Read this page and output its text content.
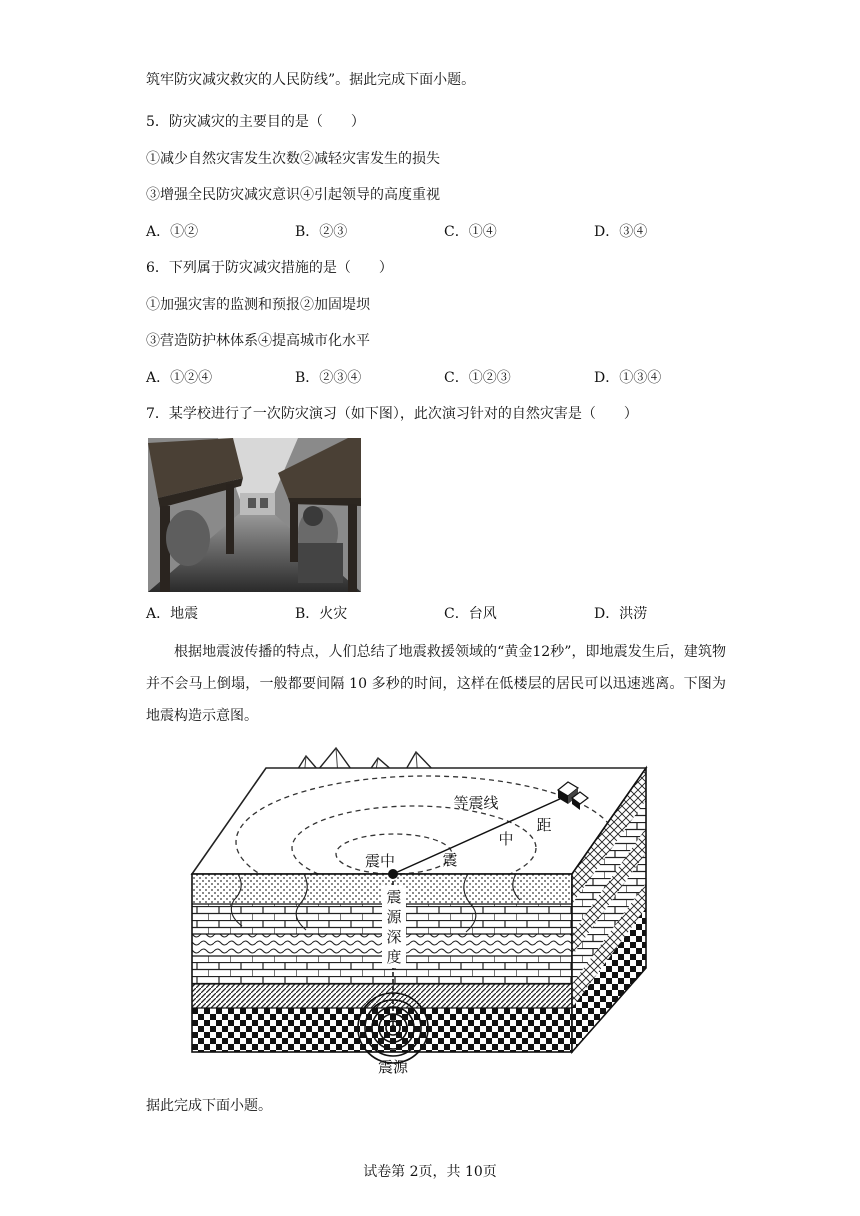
筑牢防灾减灾救灾的人民防线”。据此完成下面小题。
5．防灾减灾的主要目的是（　　）
①减少自然灾害发生次数②减轻灾害发生的损失
③增强全民防灾减灾意识④引起领导的高度重视
A．①②	B．②③	C．①④	D．③④
6．下列属于防灾减灾措施的是（　　）
①加强灾害的监测和预报②加固堤坝
③营造防护林体系④提高城市化水平
A．①②④	B．②③④	C．①②③	D．①③④
7．某学校进行了一次防灾演习（如下图），此次演习针对的自然灾害是（　　）
A．地震	B．火灾	C．台风	D．洪涝
根据地震波传播的特点，人们总结了地震救援领域的“黄金12秒”，即地震发生后，建筑物并不会马上倒塌，一般都要间隔 10 多秒的时间，这样在低楼层的居民可以迅速逃离。下图为地震构造示意图。
等震线
震中	震
中
距
震
源
深
度
震源
据此完成下面小题。
试卷第 2页，共 10页
